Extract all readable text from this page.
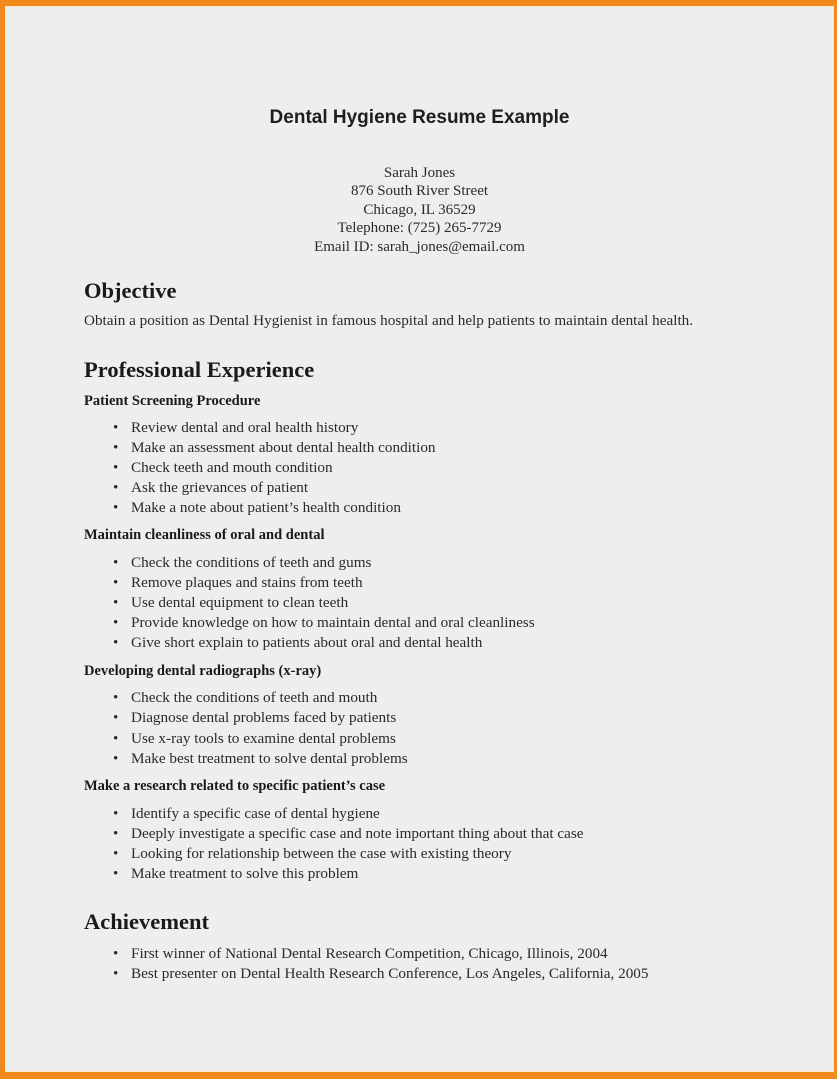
Dental Hygiene Resume Example
Sarah Jones
876 South River Street
Chicago, IL 36529
Telephone: (725) 265-7729
Email ID: sarah_jones@email.com
Objective
Obtain a position as Dental Hygienist in famous hospital and help patients to maintain dental health.
Professional Experience
Patient Screening Procedure
• Review dental and oral health history
• Make an assessment about dental health condition
• Check teeth and mouth condition
• Ask the grievances of patient
• Make a note about patient’s health condition
Maintain cleanliness of oral and dental
• Check the conditions of teeth and gums
• Remove plaques and stains from teeth
• Use dental equipment to clean teeth
• Provide knowledge on how to maintain dental and oral cleanliness
• Give short explain to patients about oral and dental health
Developing dental radiographs (x-ray)
• Check the conditions of teeth and mouth
• Diagnose dental problems faced by patients
• Use x-ray tools to examine dental problems
• Make best treatment to solve dental problems
Make a research related to specific patient’s case
• Identify a specific case of dental hygiene
• Deeply investigate a specific case and note important thing about that case
• Looking for relationship between the case with existing theory
• Make treatment to solve this problem
Achievement
• First winner of National Dental Research Competition, Chicago, Illinois, 2004
• Best presenter on Dental Health Research Conference, Los Angeles, California, 2005
